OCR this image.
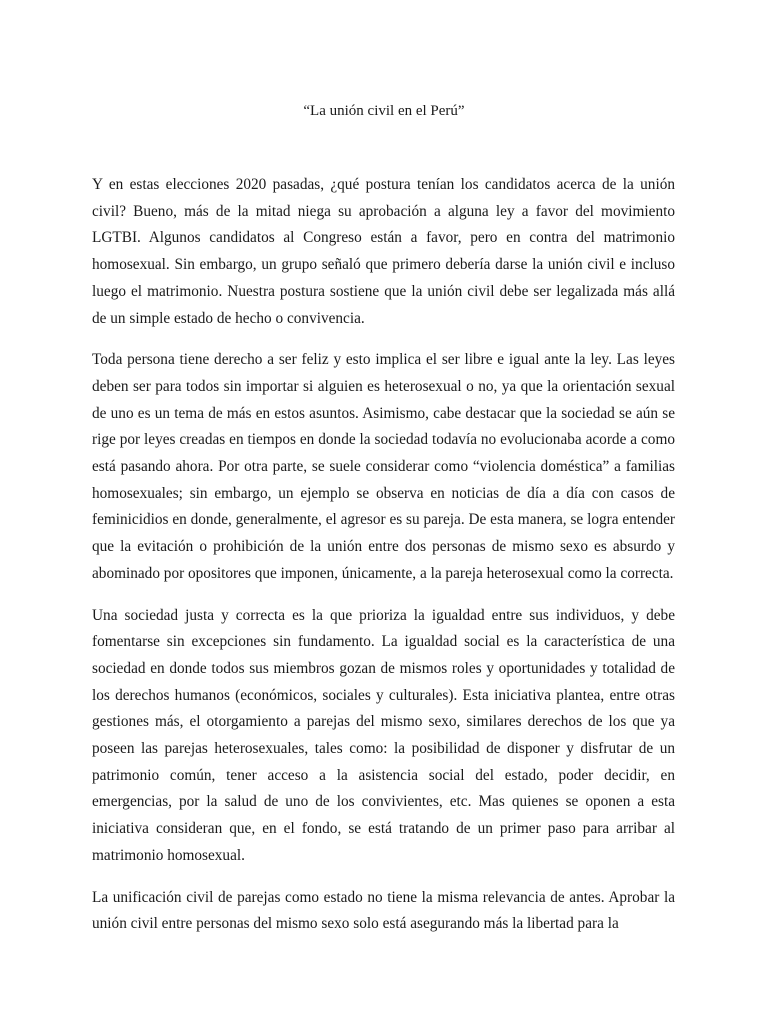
“La unión civil en el Perú”

Y en estas elecciones 2020 pasadas, ¿qué postura tenían los candidatos acerca de la unión civil? Bueno, más de la mitad niega su aprobación a alguna ley a favor del movimiento LGTBI. Algunos candidatos al Congreso están a favor, pero en contra del matrimonio homosexual. Sin embargo, un grupo señaló que primero debería darse la unión civil e incluso luego el matrimonio. Nuestra postura sostiene que la unión civil debe ser legalizada más allá de un simple estado de hecho o convivencia.

Toda persona tiene derecho a ser feliz y esto implica el ser libre e igual ante la ley. Las leyes deben ser para todos sin importar si alguien es heterosexual o no, ya que la orientación sexual de uno es un tema de más en estos asuntos. Asimismo, cabe destacar que la sociedad se aún se rige por leyes creadas en tiempos en donde la sociedad todavía no evolucionaba acorde a como está pasando ahora. Por otra parte, se suele considerar como “violencia doméstica” a familias homosexuales; sin embargo, un ejemplo se observa en noticias de día a día con casos de feminicidios en donde, generalmente, el agresor es su pareja. De esta manera, se logra entender que la evitación o prohibición de la unión entre dos personas de mismo sexo es absurdo y abominado por opositores que imponen, únicamente, a la pareja heterosexual como la correcta.

Una sociedad justa y correcta es la que prioriza la igualdad entre sus individuos, y debe fomentarse sin excepciones sin fundamento. La igualdad social es la característica de una sociedad en donde todos sus miembros gozan de mismos roles y oportunidades y totalidad de los derechos humanos (económicos, sociales y culturales). Esta iniciativa plantea, entre otras gestiones más, el otorgamiento a parejas del mismo sexo, similares derechos de los que ya poseen las parejas heterosexuales, tales como: la posibilidad de disponer y disfrutar de un patrimonio común, tener acceso a la asistencia social del estado, poder decidir, en emergencias, por la salud de uno de los convivientes, etc. Mas quienes se oponen a esta iniciativa consideran que, en el fondo, se está tratando de un primer paso para arribar al matrimonio homosexual.

La unificación civil de parejas como estado no tiene la misma relevancia de antes. Aprobar la unión civil entre personas del mismo sexo solo está asegurando más la libertad para la
